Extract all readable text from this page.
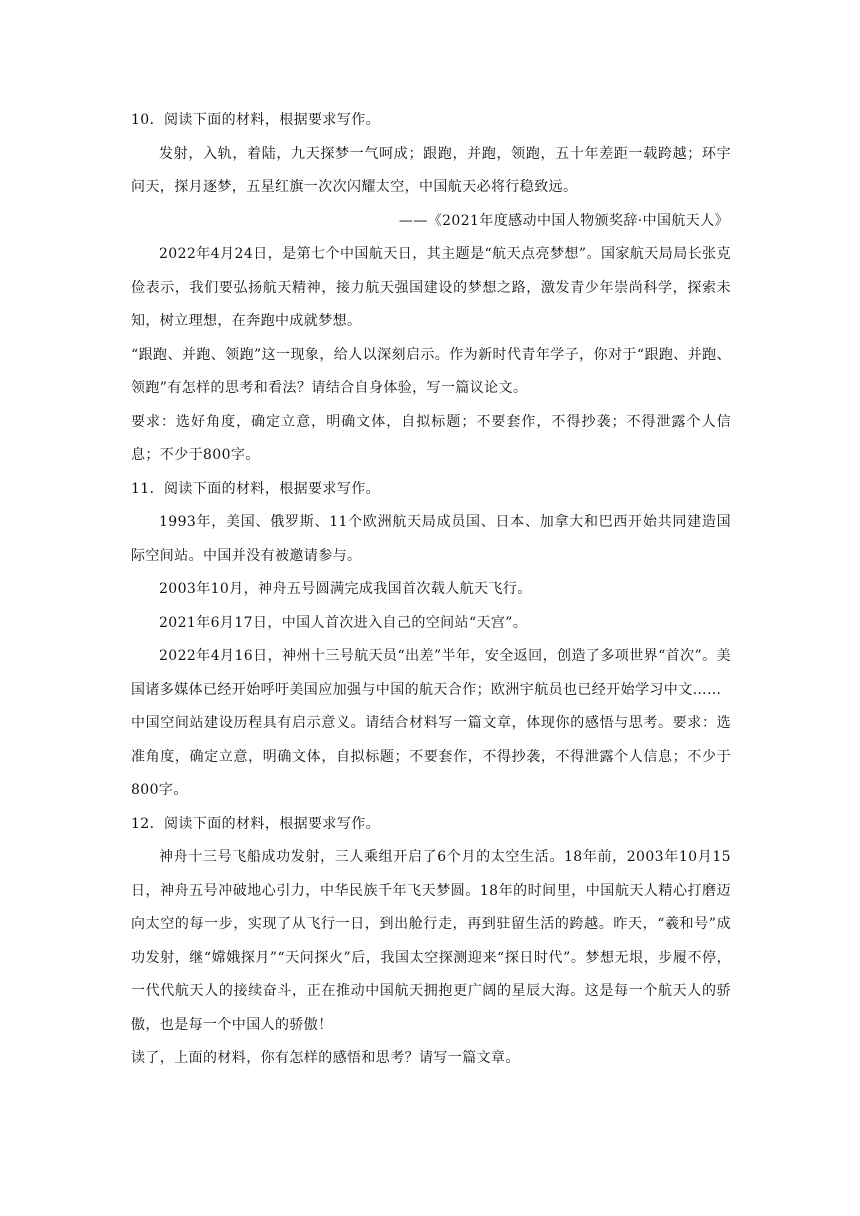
10．阅读下面的材料，根据要求写作。

发射，入轨，着陆，九天探梦一气呵成；跟跑，并跑，领跑，五十年差距一载跨越；环宇问天，探月逐梦，五星红旗一次次闪耀太空，中国航天必将行稳致远。

——《2021年度感动中国人物颁奖辞·中国航天人》

2022年4月24日，是第七个中国航天日，其主题是“航天点亮梦想”。国家航天局局长张克俭表示，我们要弘扬航天精神，接力航天强国建设的梦想之路，激发青少年崇尚科学，探索未知，树立理想，在奔跑中成就梦想。

“跟跑、并跑、领跑”这一现象，给人以深刻启示。作为新时代青年学子，你对于“跟跑、并跑、领跑”有怎样的思考和看法？请结合自身体验，写一篇议论文。

要求：选好角度，确定立意，明确文体，自拟标题；不要套作，不得抄袭；不得泄露个人信息；不少于800字。

11．阅读下面的材料，根据要求写作。

1993年，美国、俄罗斯、11个欧洲航天局成员国、日本、加拿大和巴西开始共同建造国际空间站。中国并没有被邀请参与。

2003年10月，神舟五号圆满完成我国首次载人航天飞行。

2021年6月17日，中国人首次进入自己的空间站“天宫”。

2022年4月16日，神州十三号航天员“出差”半年，安全返回，创造了多项世界“首次”。美国诸多媒体已经开始呼吁美国应加强与中国的航天合作；欧洲宇航员也已经开始学习中文……

中国空间站建设历程具有启示意义。请结合材料写一篇文章，体现你的感悟与思考。要求：选准角度，确定立意，明确文体，自拟标题；不要套作，不得抄袭，不得泄露个人信息；不少于800字。

12．阅读下面的材料，根据要求写作。

神舟十三号飞船成功发射，三人乘组开启了6个月的太空生活。18年前，2003年10月15日，神舟五号冲破地心引力，中华民族千年飞天梦圆。18年的时间里，中国航天人精心打磨迈向太空的每一步，实现了从飞行一日，到出舱行走，再到驻留生活的跨越。昨天，“羲和号”成功发射，继“嫦娥探月”“天问探火”后，我国太空探测迎来“探日时代”。梦想无垠，步履不停，一代代航天人的接续奋斗，正在推动中国航天拥抱更广阔的星辰大海。这是每一个航天人的骄傲，也是每一个中国人的骄傲！

读了，上面的材料，你有怎样的感悟和思考？请写一篇文章。
